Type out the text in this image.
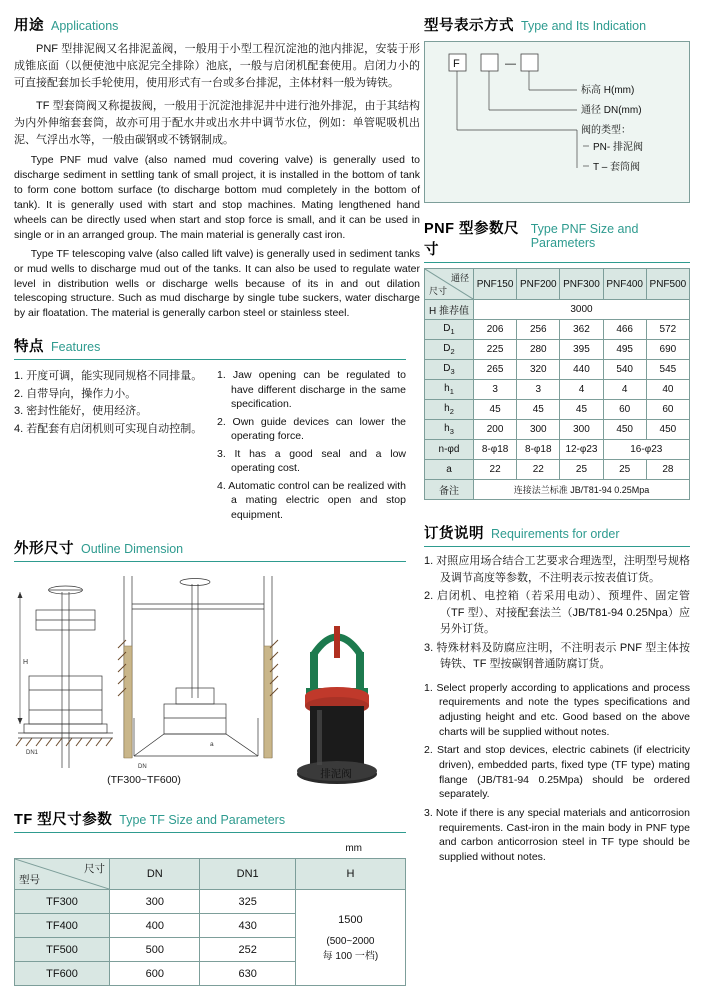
用途 Applications

PNF 型排泥阀又名排泥盖阀，一般用于小型工程沉淀池的池内排泥，安装于形成锥底面（以便使池中底泥完全排除）池底，一般与启闭机配套使用。启闭力小的可直接配套加长手轮使用，使用形式有一台或多台排泥，主体材料一般为铸铁。

TF 型套筒阀又称提拔阀，一般用于沉淀池排泥井中进行池外排泥，由于其结构为内外伸缩套套筒，故亦可用于配水井或出水井中调节水位，例如：单管呢吸机出泥、气浮出水等，一般由碳钢或不锈钢制成。

Type PNF mud valve (also named mud covering valve) is generally used to discharge sediment in settling tank of small project, it is installed in the bottom of tank to form cone bottom surface (to discharge bottom mud completely in the bottom of tank). It is generally used with start and stop machines. Mating lengthened hand wheels can be directly used when start and stop force is small, and it can be used in single or in an arranged group. The main material is generally cast iron.

Type TF telescoping valve (also called lift valve) is generally used in sediment tanks or mud wells to discharge mud out of the tanks. It can also be used to regulate water level in distribution wells or discharge wells because of its in and out dilation telescoping structure. Such as mud discharge by single tube suckers, water discharge by air floatation. The material is generally carbon steel or stainless steel.

特点 Features
1. 开度可调，能实现同规格不同排量。
2. 自带导向，操作力小。
3. 密封性能好，使用经济。
4. 若配套有启闭机则可实现自动控制。
1. Jaw opening can be regulated to have different discharge in the same specification.
2. Own guide devices can lower the operating force.
3. It has a good seal and a low operating cost.
4. Automatic control can be realized with a mating electric open and stop equipment.
外形尺寸 Outline Dimension
H
DN1
a
DN
(TF300~TF600)	排泥阀
TF 型尺寸参数 Type TF Size and Parameters
mm
型号
尺寸	DN	DN1	H
TF300	300	325	1500
(500~2000
每 100 一档)

TF400	400	430	
TF500	500	252	
TF600	600	630	
型号表示方式 Type and Its Indication
F	—
标高 H(mm)
通径 DN(mm)
阀的类型：
PN- 排泥阀
T – 套筒阀
PNF 型参数尺寸
Type PNF Size and Parameters
尺寸
通径	PNF150	PNF200	PNF300	PNF400	PNF500
H 推荐值	3000				
$D_1$	206	256	362	466	572
$D_2$	225	280	395	495	690
$D_3$	265	320	440	540	545
$h_1$	3	3	4	4	40
$h_2$	45	45	45	60	60
$h_3$	200	300	300	450	450
n-φd	8-φ18	8-φ18	12-φ23	16-φ23	
a	22	22	25	25	28
备注	连接法兰标准 JB/T81-94 0.25Mpa				
订货说明 Requirements for order
1. 对照应用场合结合工艺要求合理选型，注明型号规格及调节高度等参数，不注明表示按表值订货。
2. 启闭机、电控箱（若采用电动）、预埋件、固定管（TF 型）、对接配套法兰（JB/T81-94 0.25Npa）应另外订货。
3. 特殊材料及防腐应注明，不注明表示 PNF 型主体按铸铁、TF 型按碳钢普通防腐订货。
1. Select properly according to applications and process requirements and note the types specifications and adjusting height and etc. Good based on the above charts will be supplied without notes.
2. Start and stop devices, electric cabinets (if electricity driven), embedded parts, fixed type (TF type) mating flange (JB/T81-94 0.25Mpa) should be ordered separately.
3. Note if there is any special materials and anticorrosion requirements. Cast-iron in the main body in PNF type and carbon anticorrosion steel in TF type should be supplied without notes.
